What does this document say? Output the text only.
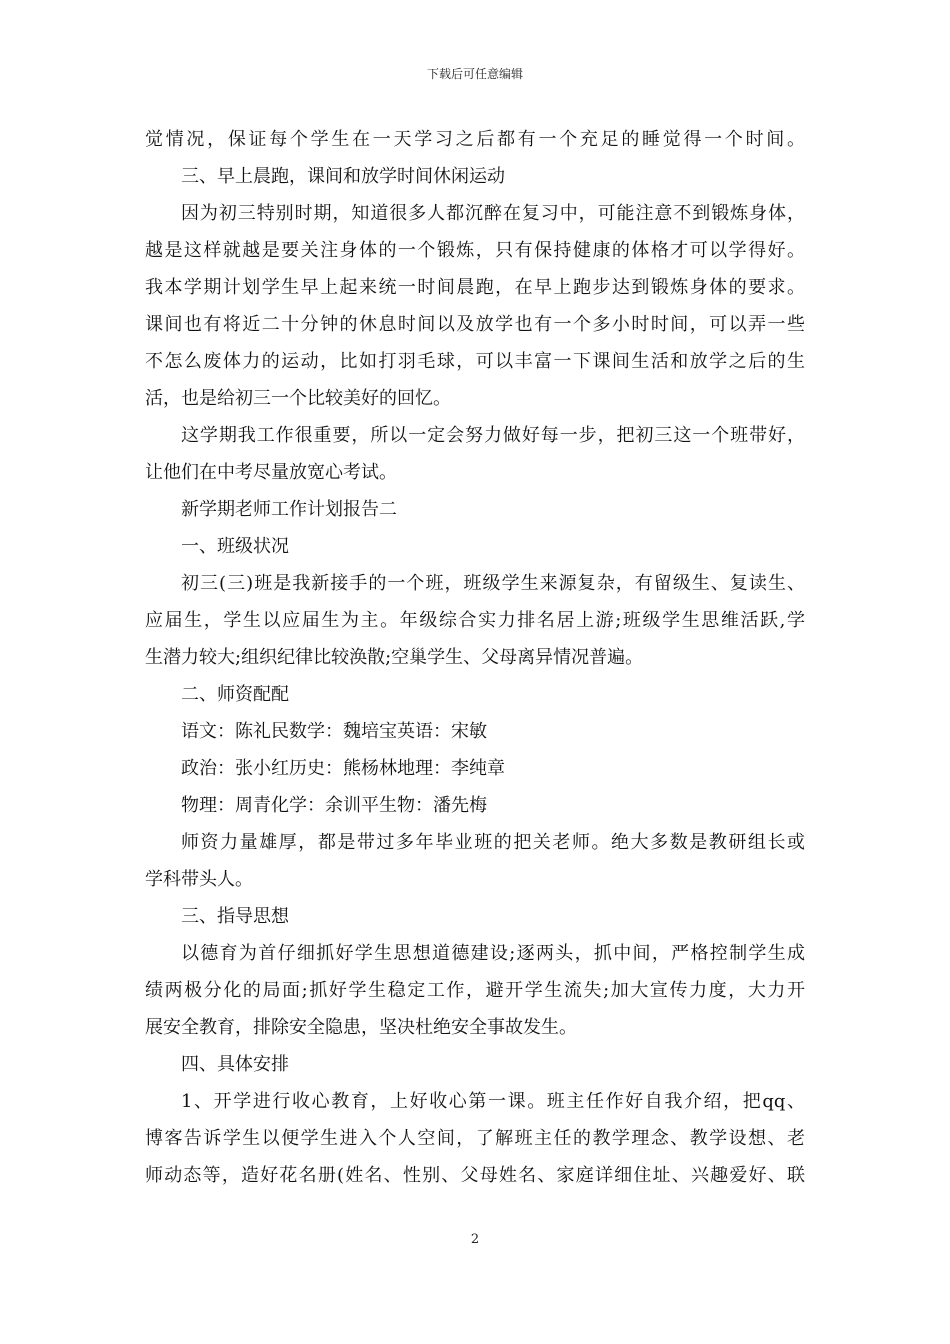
下载后可任意编辑
觉情况，保证每个学生在一天学习之后都有一个充足的睡觉得一个时间。
三、早上晨跑，课间和放学时间休闲运动
因为初三特别时期，知道很多人都沉醉在复习中，可能注意不到锻炼身体，
越是这样就越是要关注身体的一个锻炼，只有保持健康的体格才可以学得好。
我本学期计划学生早上起来统一时间晨跑，在早上跑步达到锻炼身体的要求。
课间也有将近二十分钟的休息时间以及放学也有一个多小时时间，可以弄一些
不怎么废体力的运动，比如打羽毛球，可以丰富一下课间生活和放学之后的生
活，也是给初三一个比较美好的回忆。
这学期我工作很重要，所以一定会努力做好每一步，把初三这一个班带好，
让他们在中考尽量放宽心考试。
新学期老师工作计划报告二
一、班级状况
初三(三)班是我新接手的一个班，班级学生来源复杂，有留级生、复读生、
应届生，学生以应届生为主。年级综合实力排名居上游;班级学生思维活跃,学
生潜力较大;组织纪律比较涣散;空巢学生、父母离异情况普遍。
二、师资配配
语文：陈礼民数学：魏培宝英语：宋敏
政治：张小红历史：熊杨林地理：李纯章
物理：周青化学：余训平生物：潘先梅
师资力量雄厚，都是带过多年毕业班的把关老师。绝大多数是教研组长或
学科带头人。
三、指导思想
以德育为首仔细抓好学生思想道德建设;逐两头，抓中间，严格控制学生成
绩两极分化的局面;抓好学生稳定工作，避开学生流失;加大宣传力度，大力开
展安全教育，排除安全隐患，坚决杜绝安全事故发生。
四、具体安排
1、开学进行收心教育，上好收心第一课。班主任作好自我介绍，把qq、
博客告诉学生以便学生进入个人空间，了解班主任的教学理念、教学设想、老
师动态等，造好花名册(姓名、性别、父母姓名、家庭详细住址、兴趣爱好、联
2
